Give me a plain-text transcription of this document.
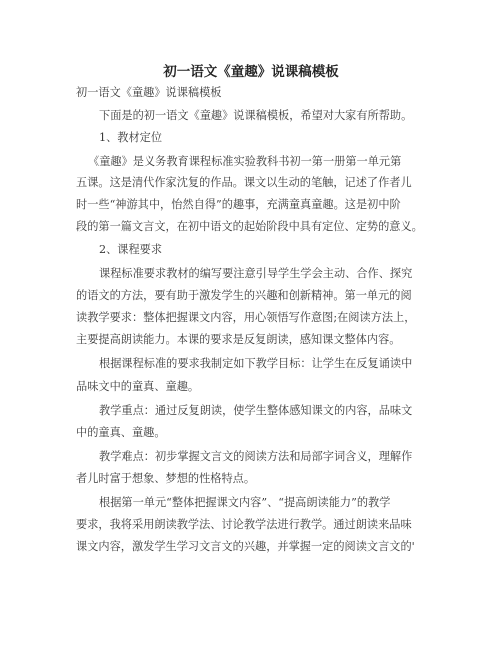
初一语文《童趣》说课稿模板
初一语文《童趣》说课稿模板
下面是的初一语文《童趣》说课稿模板，希望对大家有所帮助。
1、教材定位
《童趣》是义务教育课程标准实验教科书初一第一册第一单元第
五课。这是清代作家沈复的作品。课文以生动的笔触，记述了作者儿
时一些“神游其中，怡然自得”的趣事，充满童真童趣。这是初中阶
段的第一篇文言文，在初中语文的起始阶段中具有定位、定势的意义。
2、课程要求
课程标准要求教材的编写要注意引导学生学会主动、合作、探究
的语文的方法，要有助于激发学生的兴趣和创新精神。第一单元的阅
读教学要求：整体把握课文内容，用心领悟写作意图;在阅读方法上，
主要提高朗读能力。本课的要求是反复朗读，感知课文整体内容。
根据课程标准的要求我制定如下教学目标：让学生在反复诵读中
品味文中的童真、童趣。
教学重点：通过反复朗读，使学生整体感知课文的内容，品味文
中的童真、童趣。
教学难点：初步掌握文言文的阅读方法和局部字词含义，理解作
者儿时富于想象、梦想的性格特点。
根据第一单元“整体把握课文内容”、“提高朗读能力”的教学
要求，我将采用朗读教学法、讨论教学法进行教学。通过朗读来品味
课文内容，激发学生学习文言文的兴趣，并掌握一定的阅读文言文的'
